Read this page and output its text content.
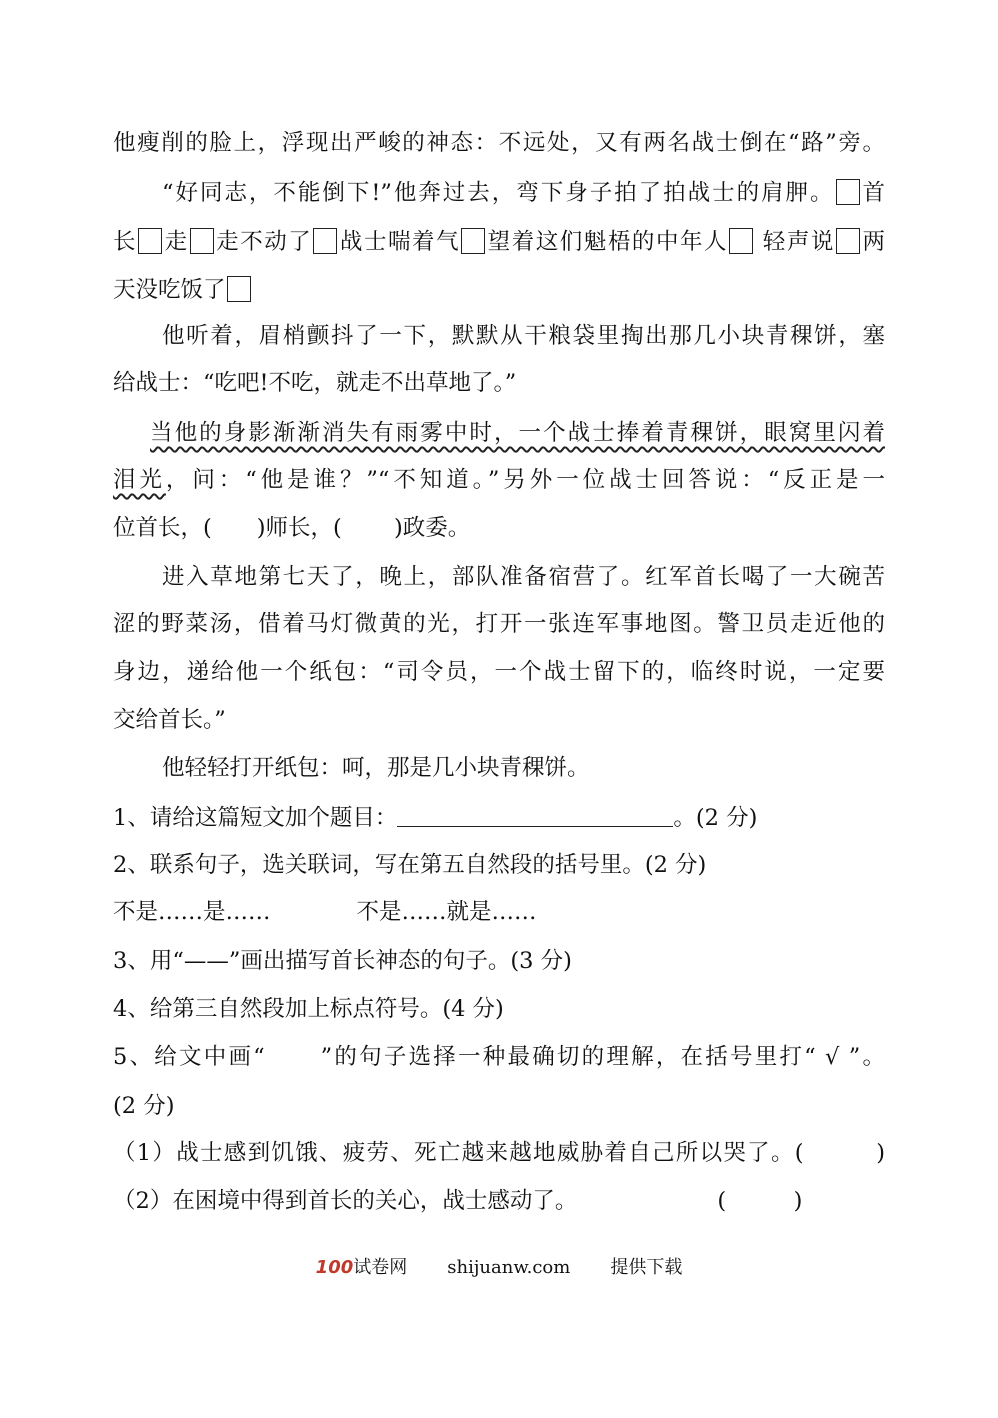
他瘦削的脸上，浮现出严峻的神态：不远处，又有两名战士倒在“路”旁。
“好同志，不能倒下!”他奔过去，弯下身子拍了拍战士的肩胛。 首
长 走 走不动了 战士喘着气 望着这们魁梧的中年人 轻声说 两
天没吃饭了
他听着，眉梢颤抖了一下，默默从干粮袋里掏出那几小块青稞饼，塞
给战士：“吃吧!不吃，就走不出草地了。”
当他的身影渐渐消失有雨雾中时，一个战士捧着青稞饼，眼窝里闪着
泪光，问：“他是谁？”“不知道。”另外一位战士回答说：“反正是一
位首长，(　　)师长，(　　 )政委。
进入草地第七天了，晚上，部队准备宿营了。红军首长喝了一大碗苦
涩的野菜汤，借着马灯微黄的光，打开一张连军事地图。警卫员走近他的
身边，递给他一个纸包：“司令员，一个战士留下的，临终时说，一定要
交给首长。”
他轻轻打开纸包：呵，那是几小块青稞饼。
1、请给这篇短文加个题目：	。(2 分)
2、联系句子，选关联词，写在第五自然段的括号里。(2 分)
不是……是……	不是……就是……
3、用“——”画出描写首长神态的句子。(3 分)
4、给第三自然段加上标点符号。(4 分)
5、给文中画“ ”的句子选择一种最确切的理解，在括号里打“ √ ”。
(2 分)
（1）战士感到饥饿、疲劳、死亡越来越地威胁着自己所以哭了。(　　　)
（2）在困境中得到首长的关心，战士感动了。	(　　　)
100试卷网 shijuanw.com 提供下载
